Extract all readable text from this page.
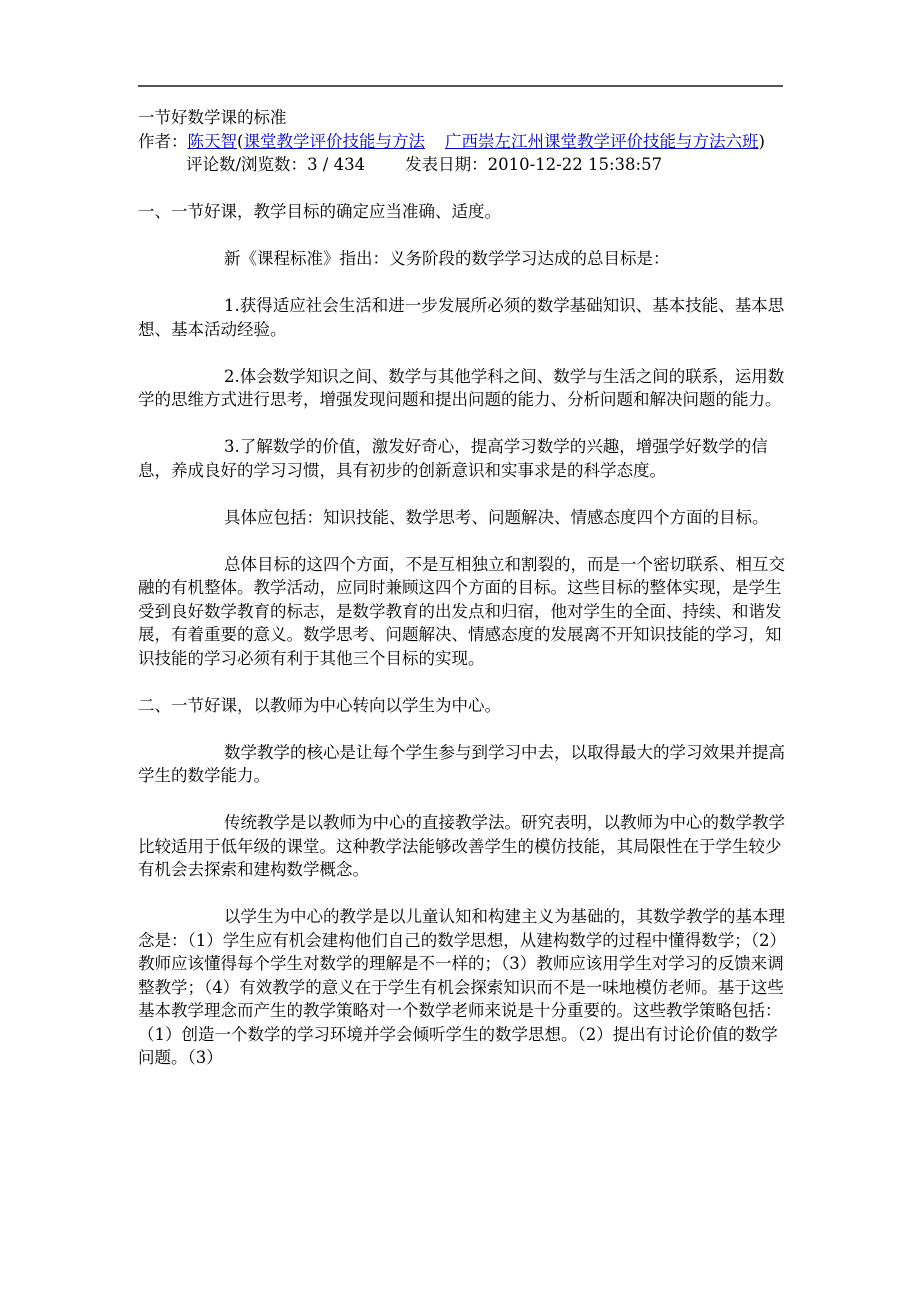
一节好数学课的标准

作者：陈天智(课堂教学评价技能与方法 广西崇左江州课堂教学评价技能与方法六班)评论数/浏览数：3 / 434 发表日期：2010-12-22 15:38:57

一、一节好课，教学目标的确定应当准确、适度。

新《课程标准》指出：义务阶段的数学学习达成的总目标是：

1.获得适应社会生活和进一步发展所必须的数学基础知识、基本技能、基本思想、基本活动经验。

2.体会数学知识之间、数学与其他学科之间、数学与生活之间的联系，运用数学的思维方式进行思考，增强发现问题和提出问题的能力、分析问题和解决问题的能力。

3.了解数学的价值，激发好奇心，提高学习数学的兴趣，增强学好数学的信息，养成良好的学习习惯，具有初步的创新意识和实事求是的科学态度。

具体应包括：知识技能、数学思考、问题解决、情感态度四个方面的目标。

总体目标的这四个方面，不是互相独立和割裂的，而是一个密切联系、相互交融的有机整体。教学活动，应同时兼顾这四个方面的目标。这些目标的整体实现，是学生受到良好数学教育的标志，是数学教育的出发点和归宿，他对学生的全面、持续、和谐发展，有着重要的意义。数学思考、问题解决、情感态度的发展离不开知识技能的学习，知识技能的学习必须有利于其他三个目标的实现。

二、一节好课，以教师为中心转向以学生为中心。

数学教学的核心是让每个学生参与到学习中去，以取得最大的学习效果并提高学生的数学能力。

传统教学是以教师为中心的直接教学法。研究表明，以教师为中心的数学教学比较适用于低年级的课堂。这种教学法能够改善学生的模仿技能，其局限性在于学生较少有机会去探索和建构数学概念。

以学生为中心的教学是以儿童认知和构建主义为基础的，其数学教学的基本理念是：（1）学生应有机会建构他们自己的数学思想，从建构数学的过程中懂得数学；（2）教师应该懂得每个学生对数学的理解是不一样的；（3）教师应该用学生对学习的反馈来调整教学；（4）有效教学的意义在于学生有机会探索知识而不是一味地模仿老师。基于这些基本教学理念而产生的教学策略对一个数学老师来说是十分重要的。这些教学策略包括：（1）创造一个数学的学习环境并学会倾听学生的数学思想。（2）提出有讨论价值的数学问题。（3）
